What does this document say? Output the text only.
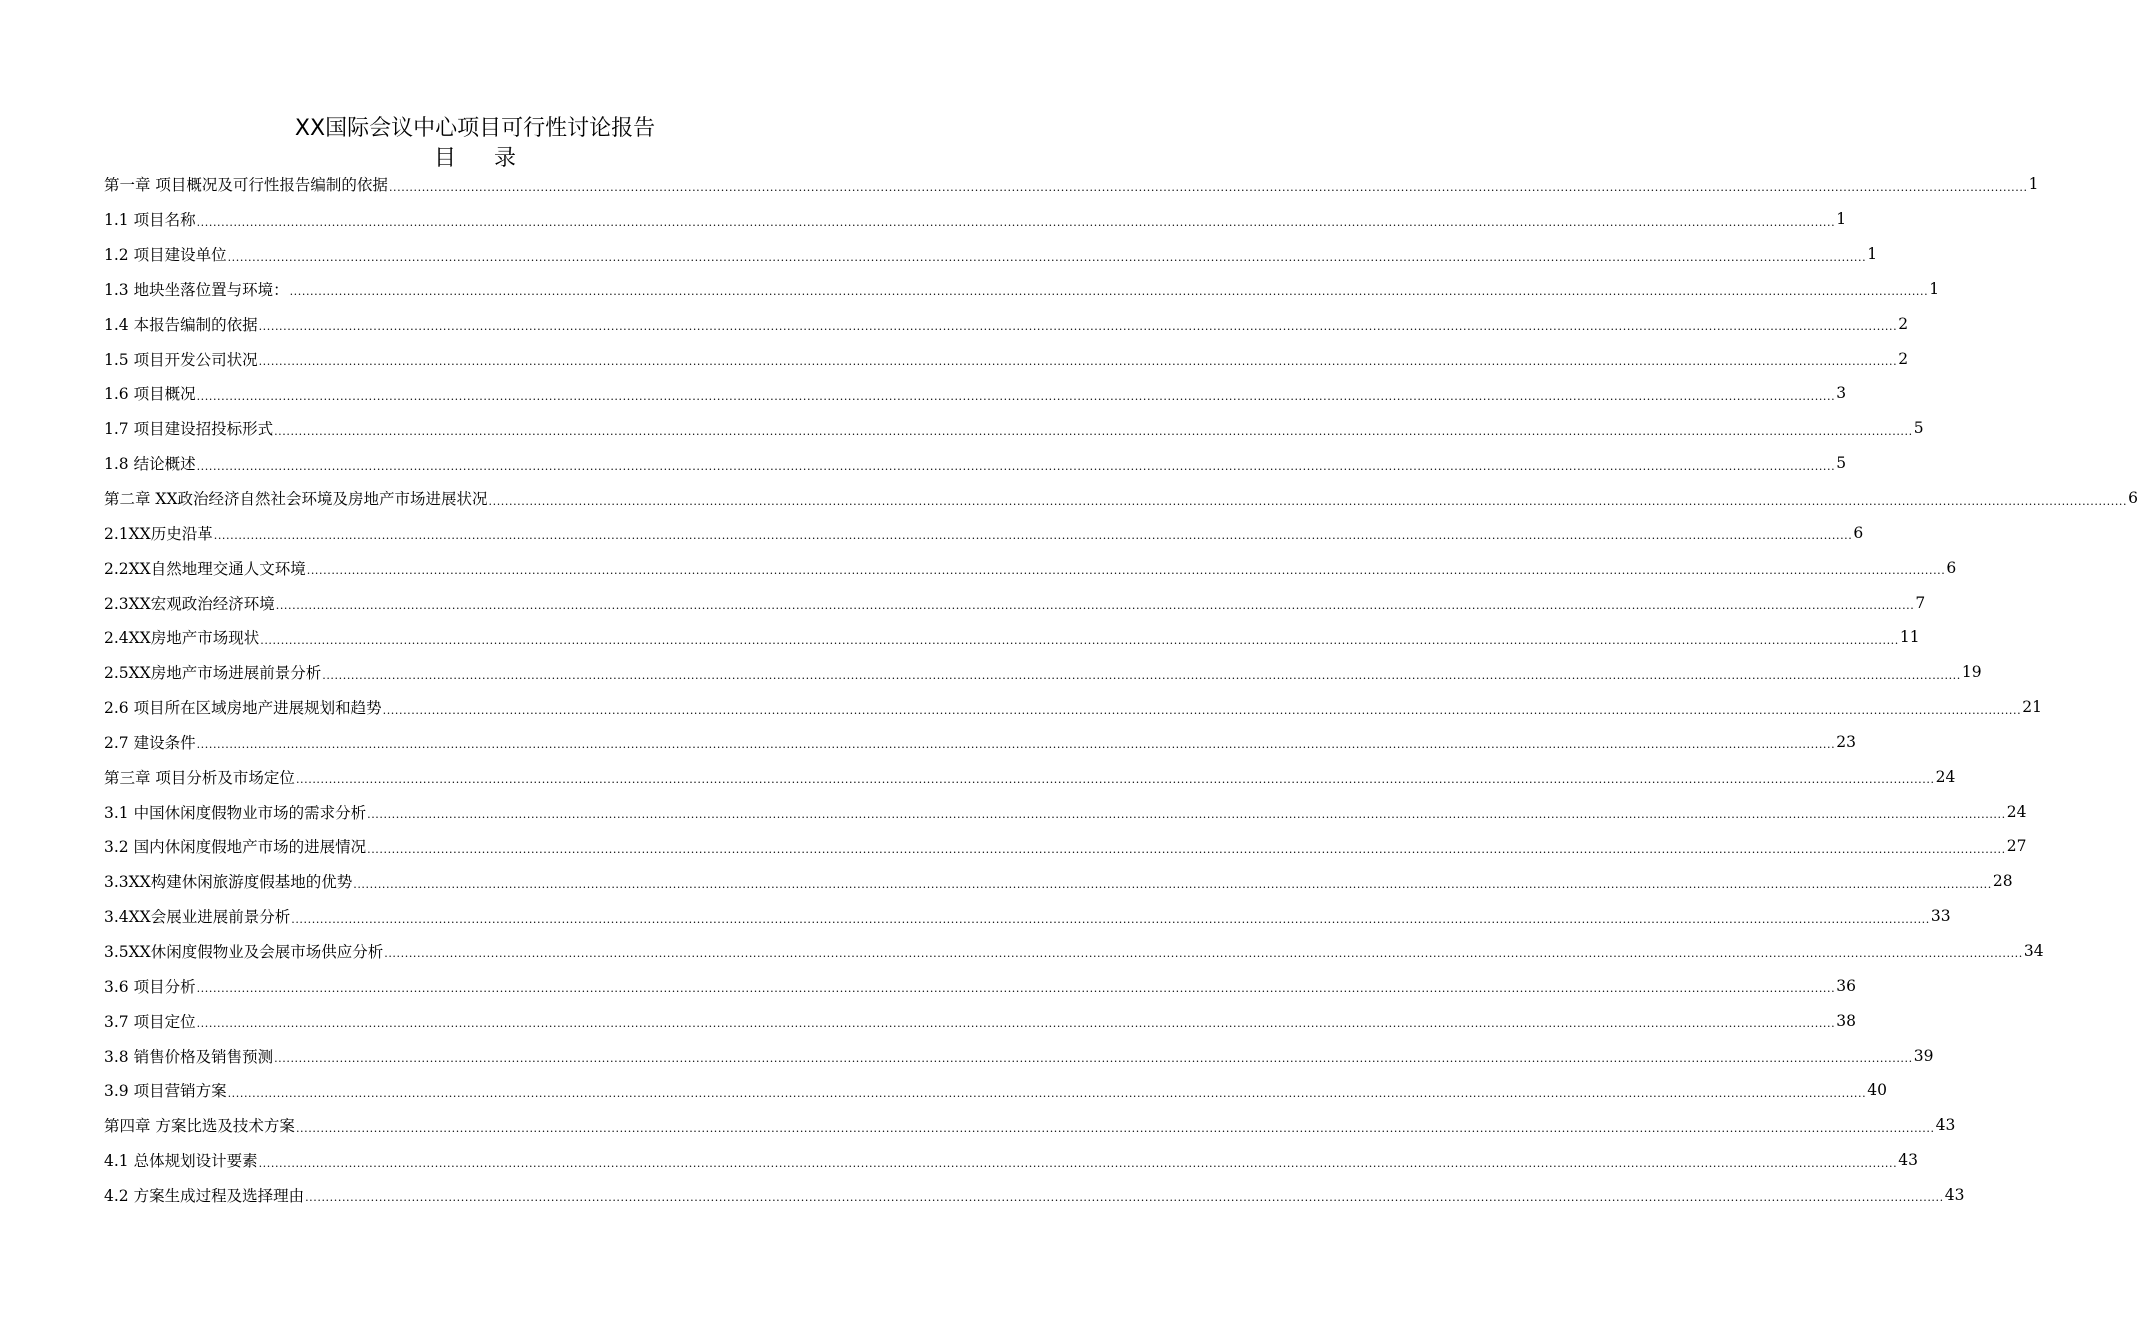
XX国际会议中心项目可行性讨论报告
目录
第一章 项目概况及可行性报告编制的依据 ................................................................................................................................................................................................................................................................................................................................................................................................................ 1
1.1 项目名称 ................................................................................................................................................................................................................................................................................................................................................................................................................ 1
1.2 项目建设单位 ................................................................................................................................................................................................................................................................................................................................................................................................................ 1
1.3 地块坐落位置与环境： ................................................................................................................................................................................................................................................................................................................................................................................................................ 1
1.4 本报告编制的依据 ................................................................................................................................................................................................................................................................................................................................................................................................................ 2
1.5 项目开发公司状况 ................................................................................................................................................................................................................................................................................................................................................................................................................ 2
1.6 项目概况 ................................................................................................................................................................................................................................................................................................................................................................................................................ 3
1.7 项目建设招投标形式 ................................................................................................................................................................................................................................................................................................................................................................................................................ 5
1.8 结论概述 ................................................................................................................................................................................................................................................................................................................................................................................................................ 5
第二章 XX政治经济自然社会环境及房地产市场进展状况 ................................................................................................................................................................................................................................................................................................................................................................................................................ 6
2.1XX历史沿革 ................................................................................................................................................................................................................................................................................................................................................................................................................ 6
2.2XX自然地理交通人文环境 ................................................................................................................................................................................................................................................................................................................................................................................................................ 6
2.3XX宏观政治经济环境 ................................................................................................................................................................................................................................................................................................................................................................................................................ 7
2.4XX房地产市场现状 ................................................................................................................................................................................................................................................................................................................................................................................................................ 11
2.5XX房地产市场进展前景分析 ................................................................................................................................................................................................................................................................................................................................................................................................................ 19
2.6 项目所在区域房地产进展规划和趋势 ................................................................................................................................................................................................................................................................................................................................................................................................................ 21
2.7 建设条件 ................................................................................................................................................................................................................................................................................................................................................................................................................ 23
第三章 项目分析及市场定位 ................................................................................................................................................................................................................................................................................................................................................................................................................ 24
3.1 中国休闲度假物业市场的需求分析 ................................................................................................................................................................................................................................................................................................................................................................................................................ 24
3.2 国内休闲度假地产市场的进展情况 ................................................................................................................................................................................................................................................................................................................................................................................................................ 27
3.3XX构建休闲旅游度假基地的优势 ................................................................................................................................................................................................................................................................................................................................................................................................................ 28
3.4XX会展业进展前景分析 ................................................................................................................................................................................................................................................................................................................................................................................................................ 33
3.5XX休闲度假物业及会展市场供应分析 ................................................................................................................................................................................................................................................................................................................................................................................................................ 34
3.6 项目分析 ................................................................................................................................................................................................................................................................................................................................................................................................................ 36
3.7 项目定位 ................................................................................................................................................................................................................................................................................................................................................................................................................ 38
3.8 销售价格及销售预测 ................................................................................................................................................................................................................................................................................................................................................................................................................ 39
3.9 项目营销方案 ................................................................................................................................................................................................................................................................................................................................................................................................................ 40
第四章 方案比选及技术方案 ................................................................................................................................................................................................................................................................................................................................................................................................................ 43
4.1 总体规划设计要素 ................................................................................................................................................................................................................................................................................................................................................................................................................ 43
4.2 方案生成过程及选择理由 ................................................................................................................................................................................................................................................................................................................................................................................................................ 43
